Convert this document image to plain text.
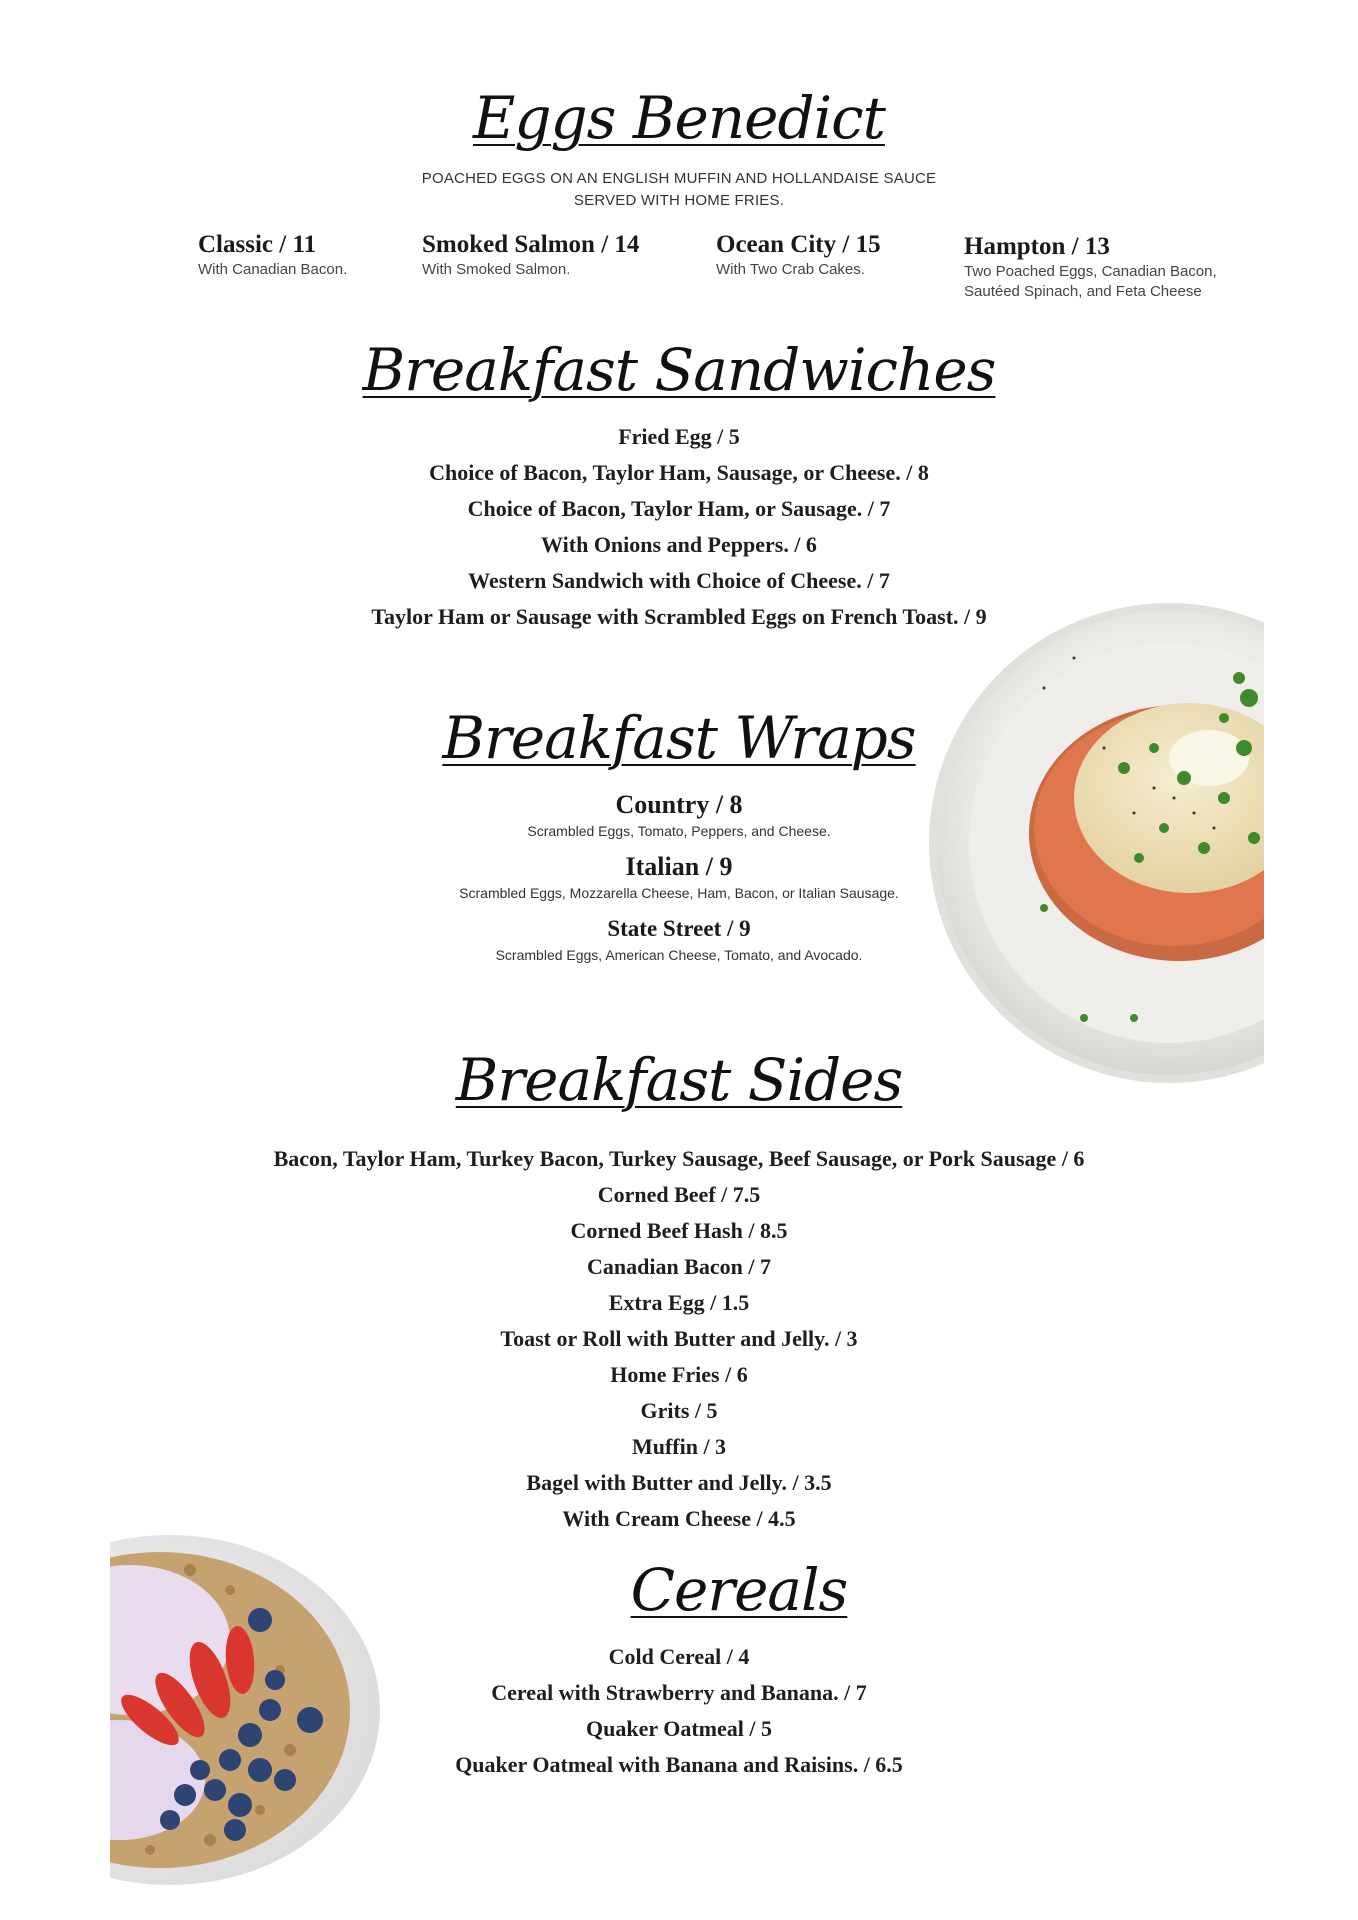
Eggs Benedict
POACHED EGGS ON AN ENGLISH MUFFIN AND HOLLANDAISE SAUCE
SERVED WITH HOME FRIES.
Classic / 11
With Canadian Bacon.
Smoked Salmon / 14
With Smoked Salmon.
Ocean City / 15
With Two Crab Cakes.
Hampton / 13
Two Poached Eggs, Canadian Bacon,
Sautéed Spinach, and Feta Cheese
Breakfast Sandwiches
Fried Egg / 5
Choice of Bacon, Taylor Ham, Sausage, or Cheese. / 8
Choice of Bacon, Taylor Ham, or Sausage. / 7
With Onions and Peppers. / 6
Western Sandwich with Choice of Cheese. / 7
Taylor Ham or Sausage with Scrambled Eggs on French Toast. / 9
Breakfast Wraps
Country / 8
Scrambled Eggs, Tomato, Peppers, and Cheese.
Italian / 9
Scrambled Eggs, Mozzarella Cheese, Ham, Bacon, or Italian Sausage.
State Street / 9
Scrambled Eggs, American Cheese, Tomato, and Avocado.
Breakfast Sides
Bacon, Taylor Ham, Turkey Bacon, Turkey Sausage, Beef Sausage, or Pork Sausage / 6
Corned Beef / 7.5
Corned Beef Hash / 8.5
Canadian Bacon / 7
Extra Egg / 1.5
Toast or Roll with Butter and Jelly. / 3
Home Fries / 6
Grits / 5
Muffin / 3
Bagel with Butter and Jelly. / 3.5
With Cream Cheese / 4.5
Cereals
Cold Cereal / 4
Cereal with Strawberry and Banana. / 7
Quaker Oatmeal / 5
Quaker Oatmeal with Banana and Raisins. / 6.5
